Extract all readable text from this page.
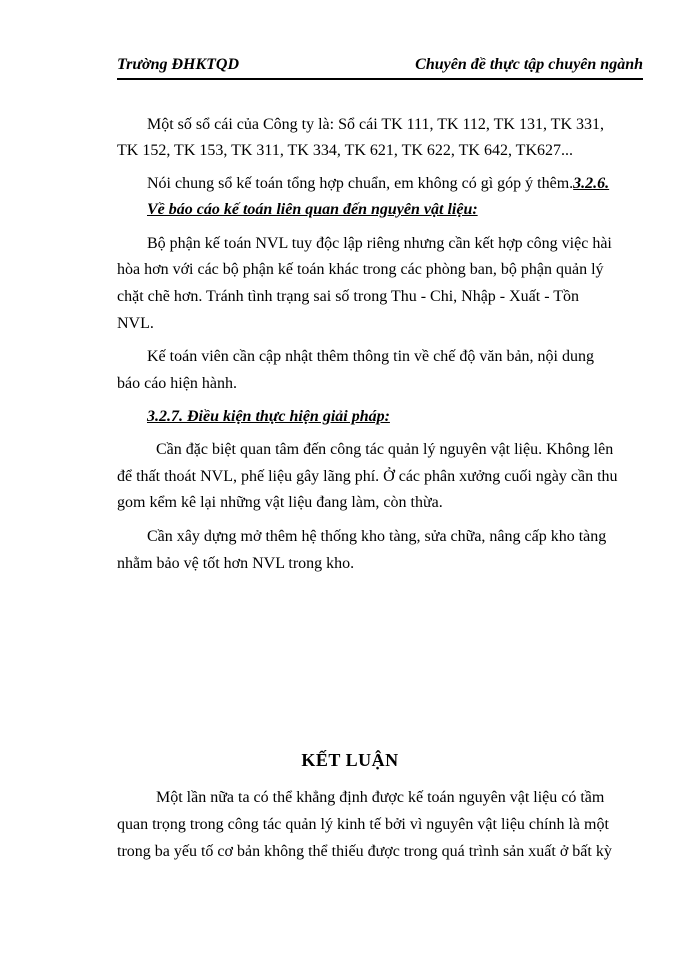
Trường ĐHKTQD	Chuyên đề thực tập chuyên ngành
Một số sổ cái của Công ty là: Sổ cái TK 111, TK 112, TK 131, TK 331,
TK 152, TK 153, TK 311, TK 334, TK 621, TK 622, TK 642, TK627...
Nói chung sổ kế toán tổng hợp chuẩn, em không có gì góp ý thêm.3.2.6.
Về báo cáo kế toán liên quan đến nguyên vật liệu:
Bộ phận kế toán NVL tuy độc lập riêng nhưng cần kết hợp công việc hài
hòa hơn với các bộ phận kế toán khác trong các phòng ban, bộ phận quản lý
chặt chẽ hơn. Tránh tình trạng sai số trong Thu - Chi, Nhập - Xuất - Tồn
NVL.
Kế toán viên cần cập nhật thêm thông tin về chế độ văn bản, nội dung
báo cáo hiện hành.
3.2.7. Điều kiện thực hiện giải pháp:
Cần đặc biệt quan tâm đến công tác quản lý nguyên vật liệu. Không lên
để thất thoát NVL, phế liệu gây lãng phí. Ở các phân xưởng cuối ngày cần thu
gom kểm kê lại những vật liệu đang làm, còn thừa.
Cần xây dựng mở thêm hệ thống kho tàng, sửa chữa, nâng cấp kho tàng
nhằm bảo vệ tốt hơn NVL trong kho.
KẾT LUẬN
Một lần nữa ta có thể khẳng định được kế toán nguyên vật liệu có tầm
quan trọng trong công tác quản lý kinh tế bởi vì nguyên vật liệu chính là một
trong ba yếu tố cơ bản không thể thiếu được trong quá trình sản xuất ở bất kỳ
